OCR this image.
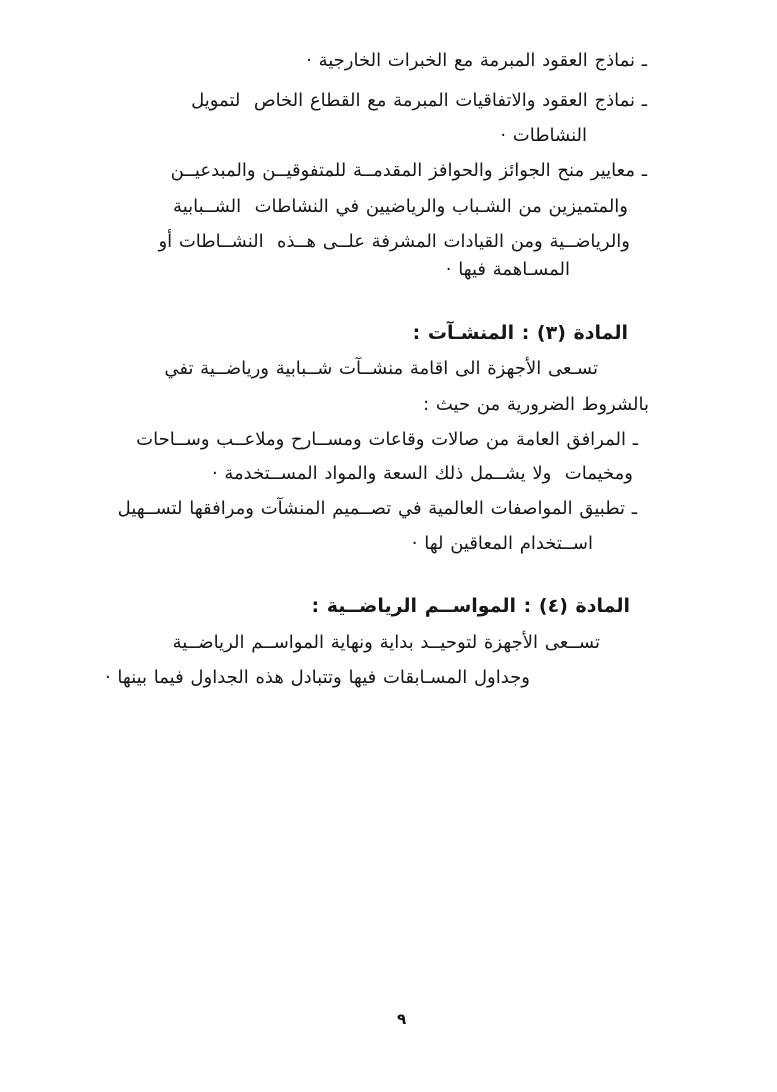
ـ نماذج العقود المبرمة مع الخبرات الخارجية ·
ـ نماذج العقود والاتفاقيات المبرمة مع القطاع الخاص  لتمويل
النشاطات ·
ـ معايير منح الجوائز والحوافز المقدمــة للمتفوقيــن والمبدعيــن
والمتميزين من الشـباب والرياضيين في النشاطات  الشــبابية
والرياضــية ومن القيادات المشرفة علــى هــذه  النشــاطات أو
المسـاهمة فيها ·
المادة (٣) : المنشـآت :
تسـعى الأجهزة الى اقامة منشــآت شــبابية ورياضــية تفي
بالشروط الضرورية من حيث :
ـ المرافق العامة من صالات وقاعات ومســارح وملاعــب وســاحات
ومخيمات  ولا يشــمل ذلك السعة والمواد المســتخدمة ·
ـ تطبيق المواصفات العالمية في تصــميم المنشآت ومرافقها لتســهيل
اســتخدام المعاقين لها ·
المادة (٤) : المواســم الرياضــية :
تســعى الأجهزة لتوحيــد بداية ونهاية المواســم الرياضــية
وجداول المسـابقات فيها وتتبادل هذه الجداول فيما بينها ·
٩
